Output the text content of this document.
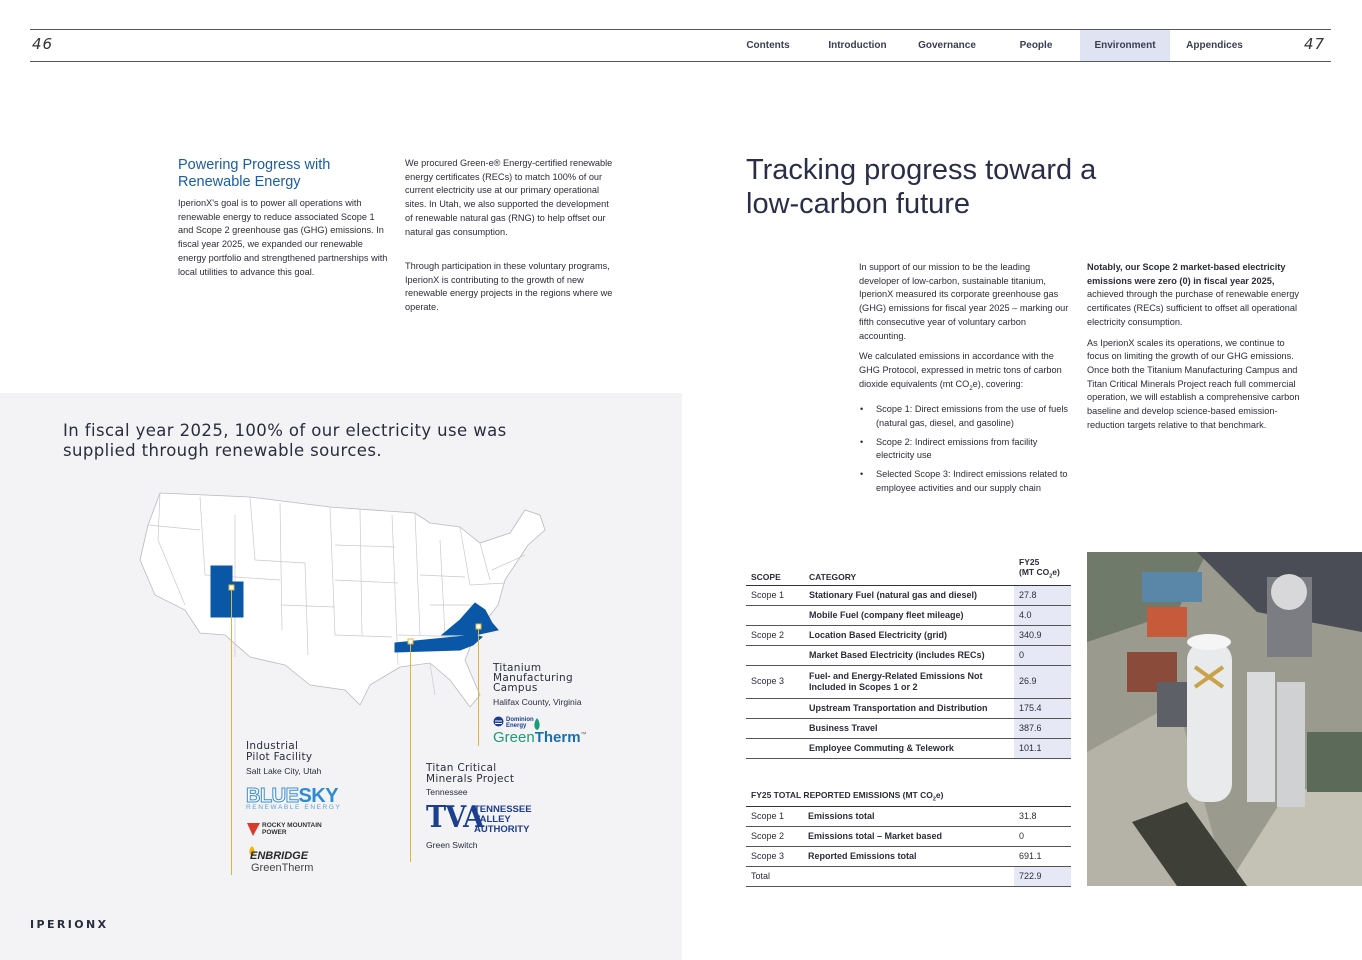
46	47
Contents	Introduction	Governance	People	Environment	Appendices
Powering Progress with Renewable Energy

IperionX's goal is to power all operations with renewable energy to reduce associated Scope 1 and Scope 2 greenhouse gas (GHG) emissions. In fiscal year 2025, we expanded our renewable energy portfolio and strengthened partnerships with local utilities to advance this goal.

We procured Green-e® Energy-certified renewable energy certificates (RECs) to match 100% of our current electricity use at our primary operational sites. In Utah, we also supported the development of renewable natural gas (RNG) to help offset our natural gas consumption.

Through participation in these voluntary programs, IperionX is contributing to the growth of new renewable energy projects in the regions where we operate.

In fiscal year 2025, 100% of our electricity use was supplied through renewable sources.
Industrial
Pilot Facility
Salt Lake City, Utah
BLUESKY
RENEWABLE ENERGY
ROCKY MOUNTAIN POWER
ENBRIDGE
GreenTherm
Titan Critical
Minerals Project
Tennessee
TVA
TENNESSEE VALLEY AUTHORITY
Green Switch
Titanium
Manufacturing
Campus
Halifax County, Virginia
Dominion Energy
GreenTherm™
IPERIONX
Tracking progress toward a low-carbon future

In support of our mission to be the leading developer of low-carbon, sustainable titanium, IperionX measured its corporate greenhouse gas (GHG) emissions for fiscal year 2025 – marking our fifth consecutive year of voluntary carbon accounting.

We calculated emissions in accordance with the GHG Protocol, expressed in metric tons of carbon dioxide equivalents (mt $CO_2e$), covering:

• Scope 1: Direct emissions from the use of fuels (natural gas, diesel, and gasoline)
• Scope 2: Indirect emissions from facility electricity use
• Selected Scope 3: Indirect emissions related to employee activities and our supply chain

Notably, our Scope 2 market-based electricity emissions were zero (0) in fiscal year 2025, achieved through the purchase of renewable energy certificates (RECs) sufficient to offset all operational electricity consumption.

As IperionX scales its operations, we continue to focus on limiting the growth of our GHG emissions. Once both the Titanium Manufacturing Campus and Titan Critical Minerals Project reach full commercial operation, we will establish a comprehensive carbon baseline and develop science-based emission-reduction targets relative to that benchmark.

SCOPE	CATEGORY	FY25
(MT $CO_2e$)
Scope 1	Stationary Fuel (natural gas and diesel)	27.8
	Mobile Fuel (company fleet mileage)	4.0
Scope 2	Location Based Electricity (grid)	340.9
	Market Based Electricity (includes RECs)	0
Scope 3	Fuel- and Energy-Related Emissions Not Included in Scopes 1 or 2	26.9
	Upstream Transportation and Distribution	175.4
	Business Travel	387.6
	Employee Commuting & Telework	101.1
FY25 TOTAL REPORTED EMISSIONS (MT $CO_2e$)		
Scope 1	Emissions total	31.8
Scope 2	Emissions total – Market based	0
Scope 3	Reported Emissions total	691.1
Total		722.9
